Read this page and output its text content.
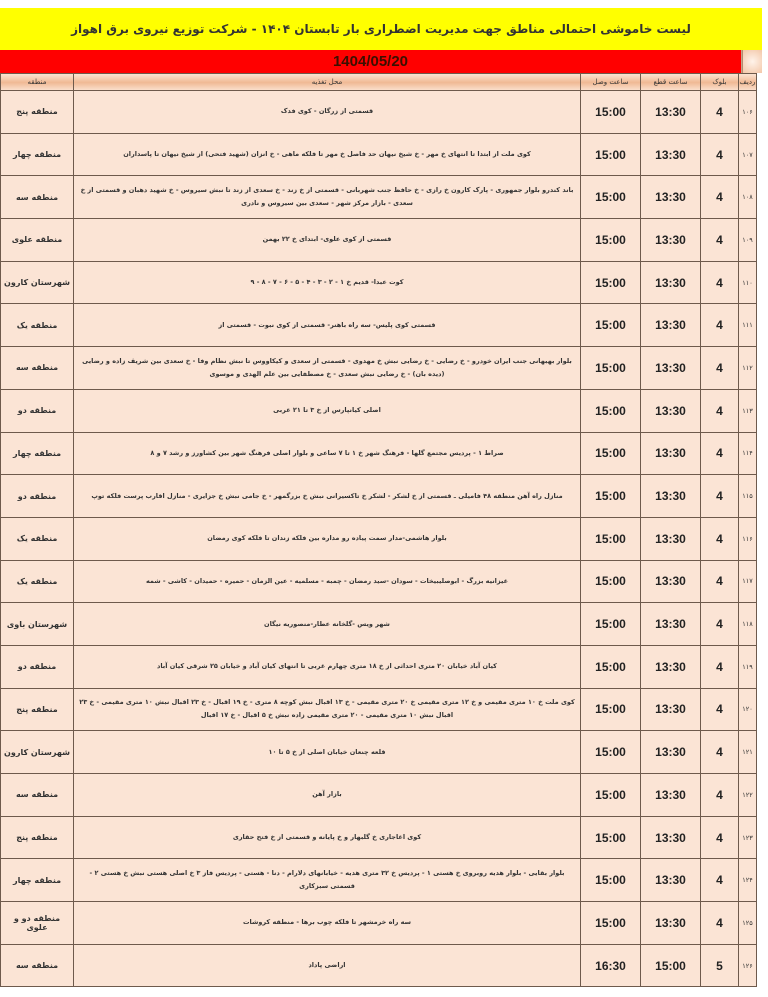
لیست خاموشی احتمالی مناطق جهت مدیریت اضطراری بار تابستان ۱۴۰۴ - شرکت توزیع نیروی برق اهواز
1404/05/20
منطقه	محل تغذیه	ساعت وصل	ساعت قطع	بلوک	ردیف
منطقه پنج	قسمتی از زرگان - کوی فدک	15:00	13:30	4	۱۰۶
منطقه چهار	کوی ملت از ابتدا تا انتهای خ مهر - خ شیخ نیهان حد فاصل خ مهر تا فلکه ماهی - خ انزان (شهید فتحی) از شیخ نیهان تا پاسداران	15:00	13:30	4	۱۰۷
منطقه سه	باند کندرو بلوار جمهوری - پارک کارون خ رازی - خ حافظ جنب شهربانی - قسمتی از خ زند - خ سعدی از زند تا نبش سیروس - خ شهید دهبان و قسمتی از خ سعدی - بازار مرکز شهر - سعدی بین سیروس و نادری	15:00	13:30	4	۱۰۸
منطقه علوی	قسمتی از کوی علوی- ابتدای خ ۲۲ بهمن	15:00	13:30	4	۱۰۹
شهرستان کارون	کوت عبدا- قدیم خ ۱ - ۲ - ۳ - ۴ - ۵ - ۶ - ۷ - ۸ - ۹	15:00	13:30	4	۱۱۰
منطقه یک	قسمتی کوی پلیس- سه راه باهنر- قسمتی از کوی نبوت - قسمتی از	15:00	13:30	4	۱۱۱
منطقه سه	بلوار بهبهانی جنب ایران خودرو - خ رضایی - خ رضایی نبش خ مهدوی - قسمتی از سعدی و کیکاووس تا نبش نظام وفا - خ سعدی بین شریف زاده و رضایی (دیده بان) - خ رضایی نبش سعدی - خ مصطفایی بین علم الهدی و موسوی	15:00	13:30	4	۱۱۲
منطقه دو	اصلی کیانپارس از خ ۳ تا ۲۱ غربی	15:00	13:30	4	۱۱۳
منطقه چهار	صراط ۱ - پردیس مجتمع گلها - فرهنگ شهر خ ۱ تا ۷ ساعی و بلوار اصلی فرهنگ شهر بین کشاورز و رشد ۷ و ۸	15:00	13:30	4	۱۱۴
منطقه دو	منازل راه آهن منطقه ۴۸ فامیلی ـ قسمتی از خ لشکر - لشکر خ تاکسیرانی نبش خ بزرگمهر - خ جامی نبش خ جزایری - منازل اقارب پرست فلکه توپ	15:00	13:30	4	۱۱۵
منطقه یک	بلوار هاشمی-مدار سمت پیاده رو مداره بین فلکه زندان تا فلکه کوی رمضان	15:00	13:30	4	۱۱۶
منطقه یک	غیزانیه بزرگ - ابوصلیبیخات - سودان -سید رمضان - چمبه - مسلمیه - عین الزمان - حمیره - حمیدان - کاشی - شمه	15:00	13:30	4	۱۱۷
شهرستان باوی	شهر ویس -گلخانه عطار-منصوریه نیگان	15:00	13:30	4	۱۱۸
منطقه دو	کیان آباد خیابان ۲۰ متری احداثی از خ ۱۸ متری چهارم غربی تا انتهای کیان آباد و خیابان ۲۵ شرقی کیان آباد	15:00	13:30	4	۱۱۹
منطقه پنج	کوی ملت خ ۱۰ متری مقیمی و خ ۱۲ متری مقیمی خ ۲۰ متری مقیمی - خ ۱۳ اقبال نبش کوچه ۸ متری - خ ۱۹ اقبال - خ ۲۳ اقبال نبش ۱۰ متری مقیمی - خ ۲۳ اقبال نبش ۱۰ متری مقیمی - ۲۰ متری مقیمی زاده نبش خ ۵ اقبال - خ ۱۷ اقبال	15:00	13:30	4	۱۲۰
شهرستان کارون	قلعه چنعان خیابان اصلی از خ ۵ تا ۱۰	15:00	13:30	4	۱۲۱
منطقه سه	بازار آهن	15:00	13:30	4	۱۲۲
منطقه پنج	کوی اغاجاری خ گلبهار و خ پایانه و قسمتی از خ فتح حقاری	15:00	13:30	4	۱۲۳
منطقه چهار	بلوار بقایی - بلوار هدیه روبروی خ هستی ۱ - پردیس خ ۳۲ متری هدیه - خیابانهای دلارام - دنا - هستی - پردیس فاز ۳ خ اصلی هستی نبش خ هستی ۲ - قسمتی سبزکاری	15:00	13:30	4	۱۲۴
منطقه دو و علوی	سه راه خرمشهر تا فلکه چوب برها - منطقه کروشات	15:00	13:30	4	۱۲۵
منطقه سه	اراضی پاداد	16:30	15:00	5	۱۲۶
